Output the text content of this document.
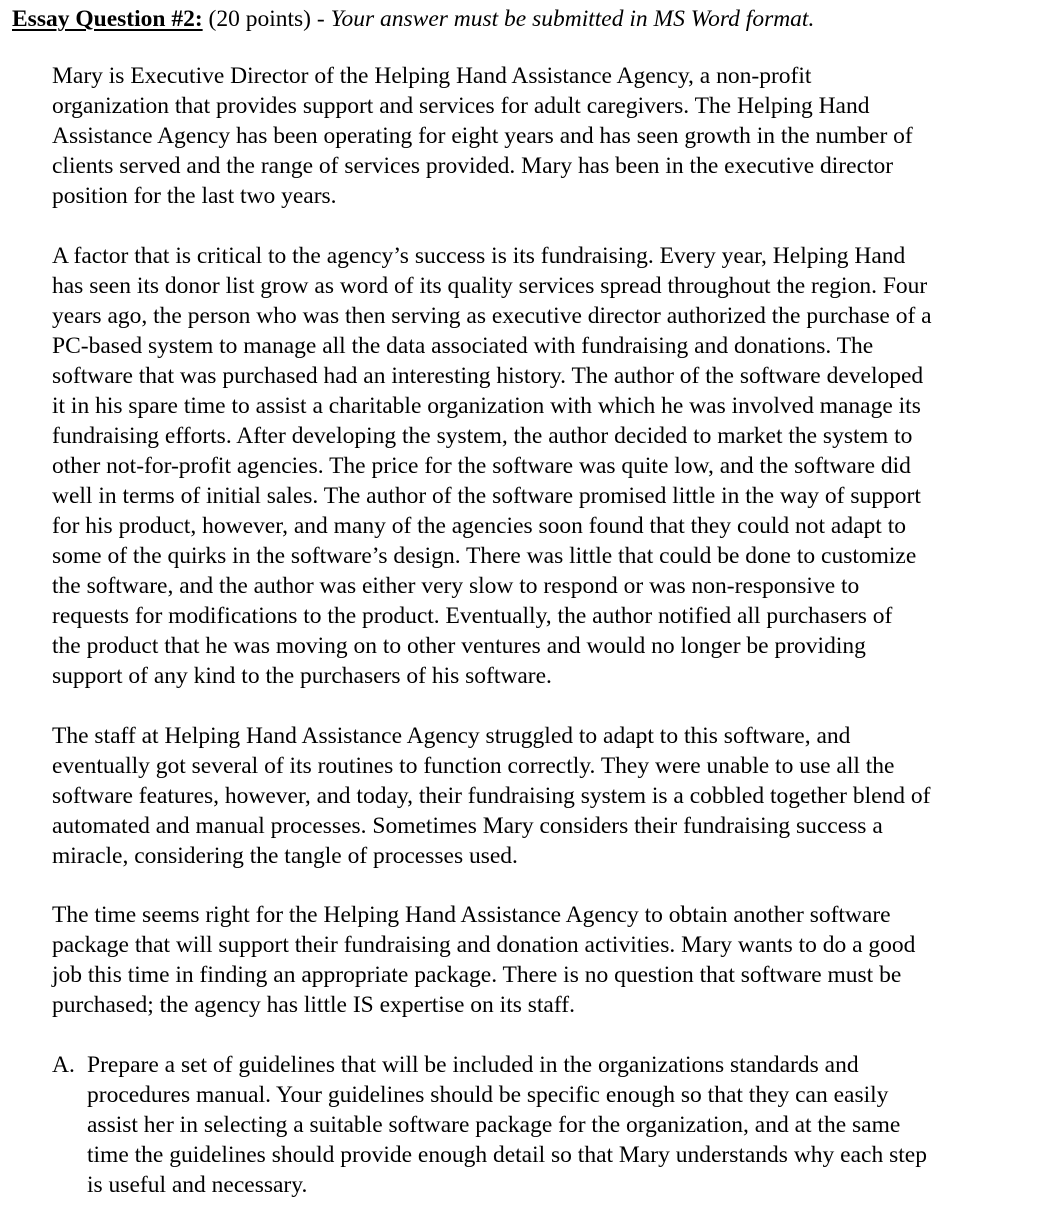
Essay Question #2: (20 points) - Your answer must be submitted in MS Word format.
Mary is Executive Director of the Helping Hand Assistance Agency, a non-profit
organization that provides support and services for adult caregivers. The Helping Hand
Assistance Agency has been operating for eight years and has seen growth in the number of
clients served and the range of services provided. Mary has been in the executive director
position for the last two years.
A factor that is critical to the agency’s success is its fundraising. Every year, Helping Hand
has seen its donor list grow as word of its quality services spread throughout the region. Four
years ago, the person who was then serving as executive director authorized the purchase of a
PC-based system to manage all the data associated with fundraising and donations. The
software that was purchased had an interesting history. The author of the software developed
it in his spare time to assist a charitable organization with which he was involved manage its
fundraising efforts. After developing the system, the author decided to market the system to
other not-for-profit agencies. The price for the software was quite low, and the software did
well in terms of initial sales. The author of the software promised little in the way of support
for his product, however, and many of the agencies soon found that they could not adapt to
some of the quirks in the software’s design. There was little that could be done to customize
the software, and the author was either very slow to respond or was non-responsive to
requests for modifications to the product. Eventually, the author notified all purchasers of
the product that he was moving on to other ventures and would no longer be providing
support of any kind to the purchasers of his software.
The staff at Helping Hand Assistance Agency struggled to adapt to this software, and
eventually got several of its routines to function correctly. They were unable to use all the
software features, however, and today, their fundraising system is a cobbled together blend of
automated and manual processes. Sometimes Mary considers their fundraising success a
miracle, considering the tangle of processes used.
The time seems right for the Helping Hand Assistance Agency to obtain another software
package that will support their fundraising and donation activities. Mary wants to do a good
job this time in finding an appropriate package. There is no question that software must be
purchased; the agency has little IS expertise on its staff.
A. Prepare a set of guidelines that will be included in the organizations standards and
procedures manual. Your guidelines should be specific enough so that they can easily
assist her in selecting a suitable software package for the organization, and at the same
time the guidelines should provide enough detail so that Mary understands why each step
is useful and necessary.
